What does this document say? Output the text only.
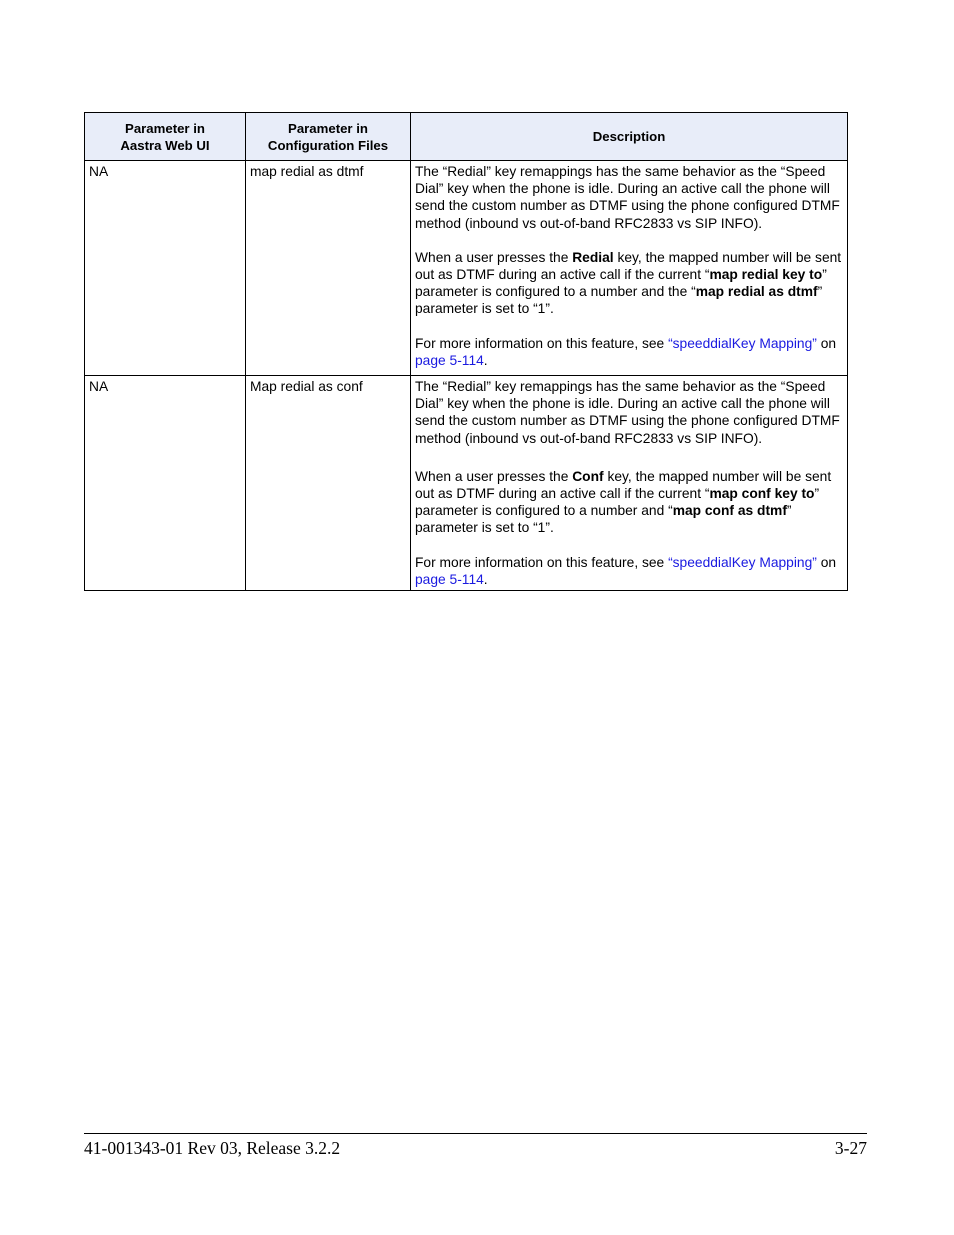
Parameter in
Aastra Web UI	Parameter in
Configuration Files	Description
NA	map redial as dtmf	The “Redial” key remappings has the same behavior as the “Speed Dial” key when the phone is idle. During an active call the phone will send the custom number as DTMF using the phone configured DTMF method (inbound vs out-of-band RFC2833 vs SIP INFO).

When a user presses the Redial key, the mapped number will be sent out as DTMF during an active call if the current “map redial key to” parameter is configured to a number and the “map redial as dtmf” parameter is set to “1”.

For more information on this feature, see “speeddialKey Mapping” on page 5-114.

NA	Map redial as conf	The “Redial” key remappings has the same behavior as the “Speed Dial” key when the phone is idle. During an active call the phone will send the custom number as DTMF using the phone configured DTMF method (inbound vs out-of-band RFC2833 vs SIP INFO).

When a user presses the Conf key, the mapped number will be sent out as DTMF during an active call if the current “map conf key to” parameter is configured to a number and “map conf as dtmf” parameter is set to “1”.

For more information on this feature, see “speeddialKey Mapping” on page 5-114.

41-001343-01 Rev 03, Release 3.2.2	3-27
